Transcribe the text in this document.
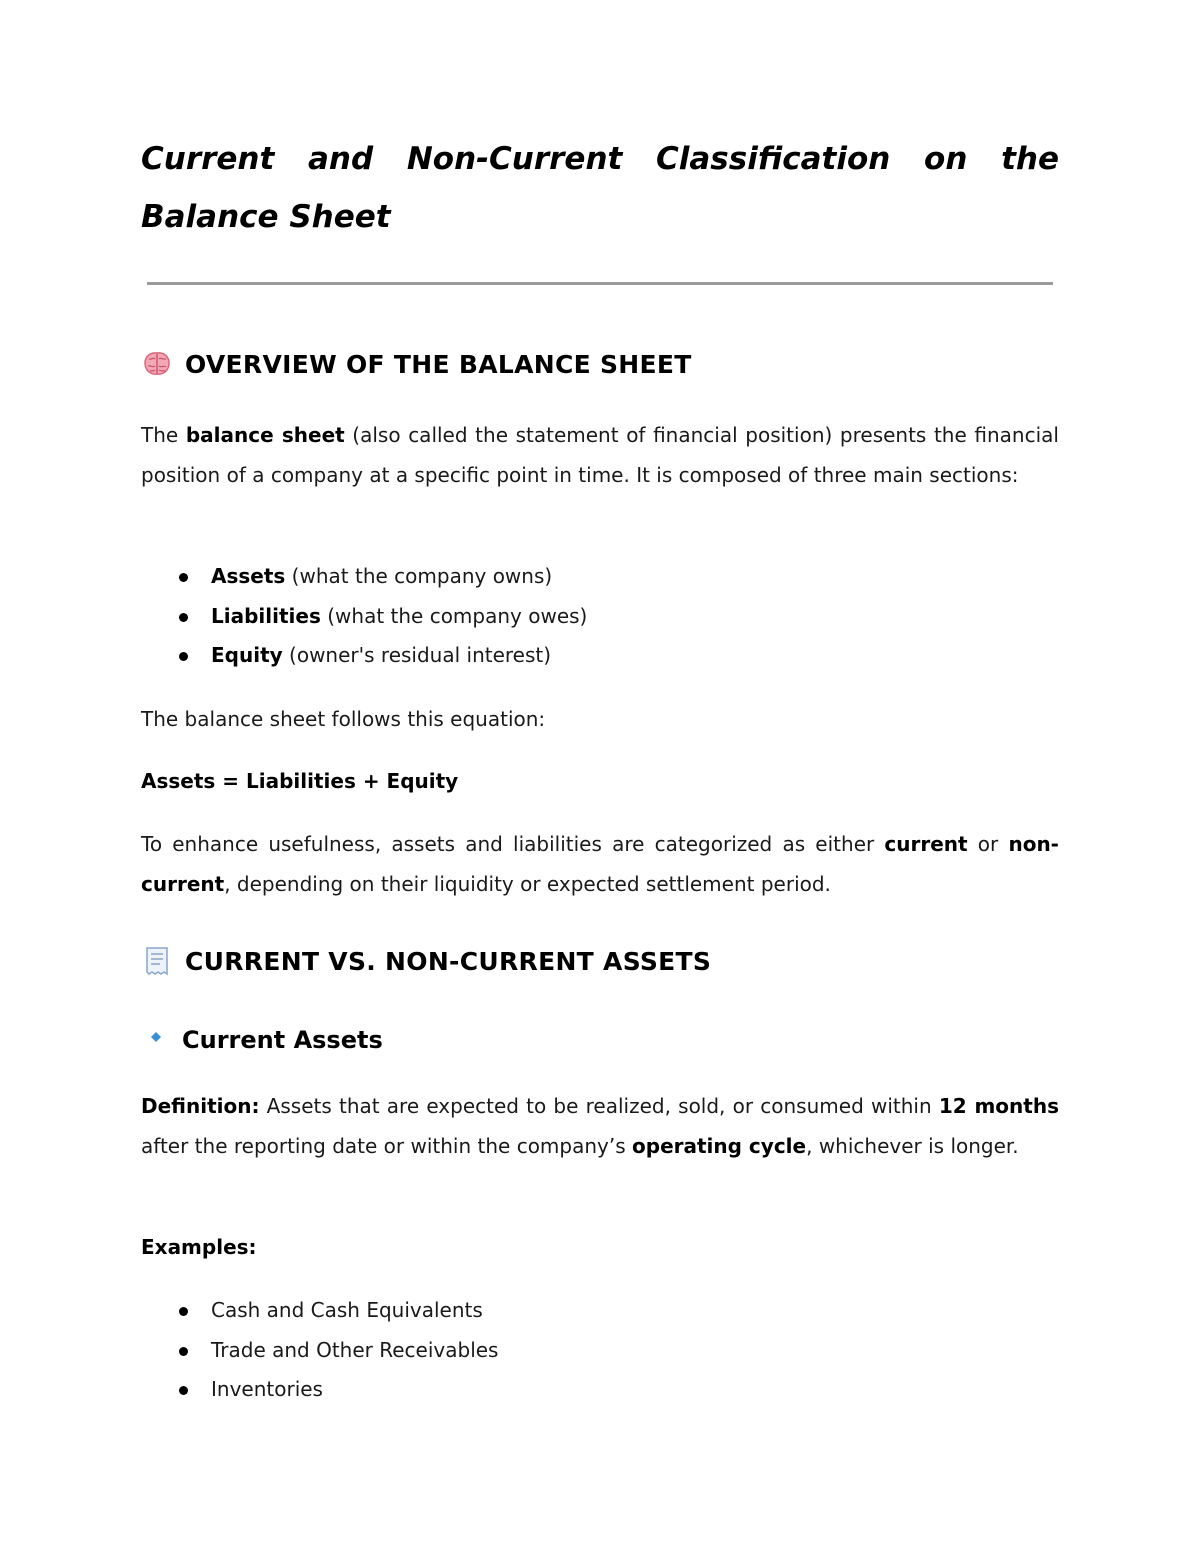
Current and Non-Current Classification on the Balance Sheet
OVERVIEW OF THE BALANCE SHEET

The balance sheet (also called the statement of financial position) presents the financial position of a company at a specific point in time. It is composed of three main sections:

Assets (what the company owns)
Liabilities (what the company owes)
Equity (owner's residual interest)

The balance sheet follows this equation:

Assets = Liabilities + Equity

To enhance usefulness, assets and liabilities are categorized as either current or non-current, depending on their liquidity or expected settlement period.

CURRENT VS. NON-CURRENT ASSETS
Current Assets

Definition: Assets that are expected to be realized, sold, or consumed within 12 months after the reporting date or within the company’s operating cycle, whichever is longer.

Examples:

Cash and Cash Equivalents
Trade and Other Receivables
Inventories
